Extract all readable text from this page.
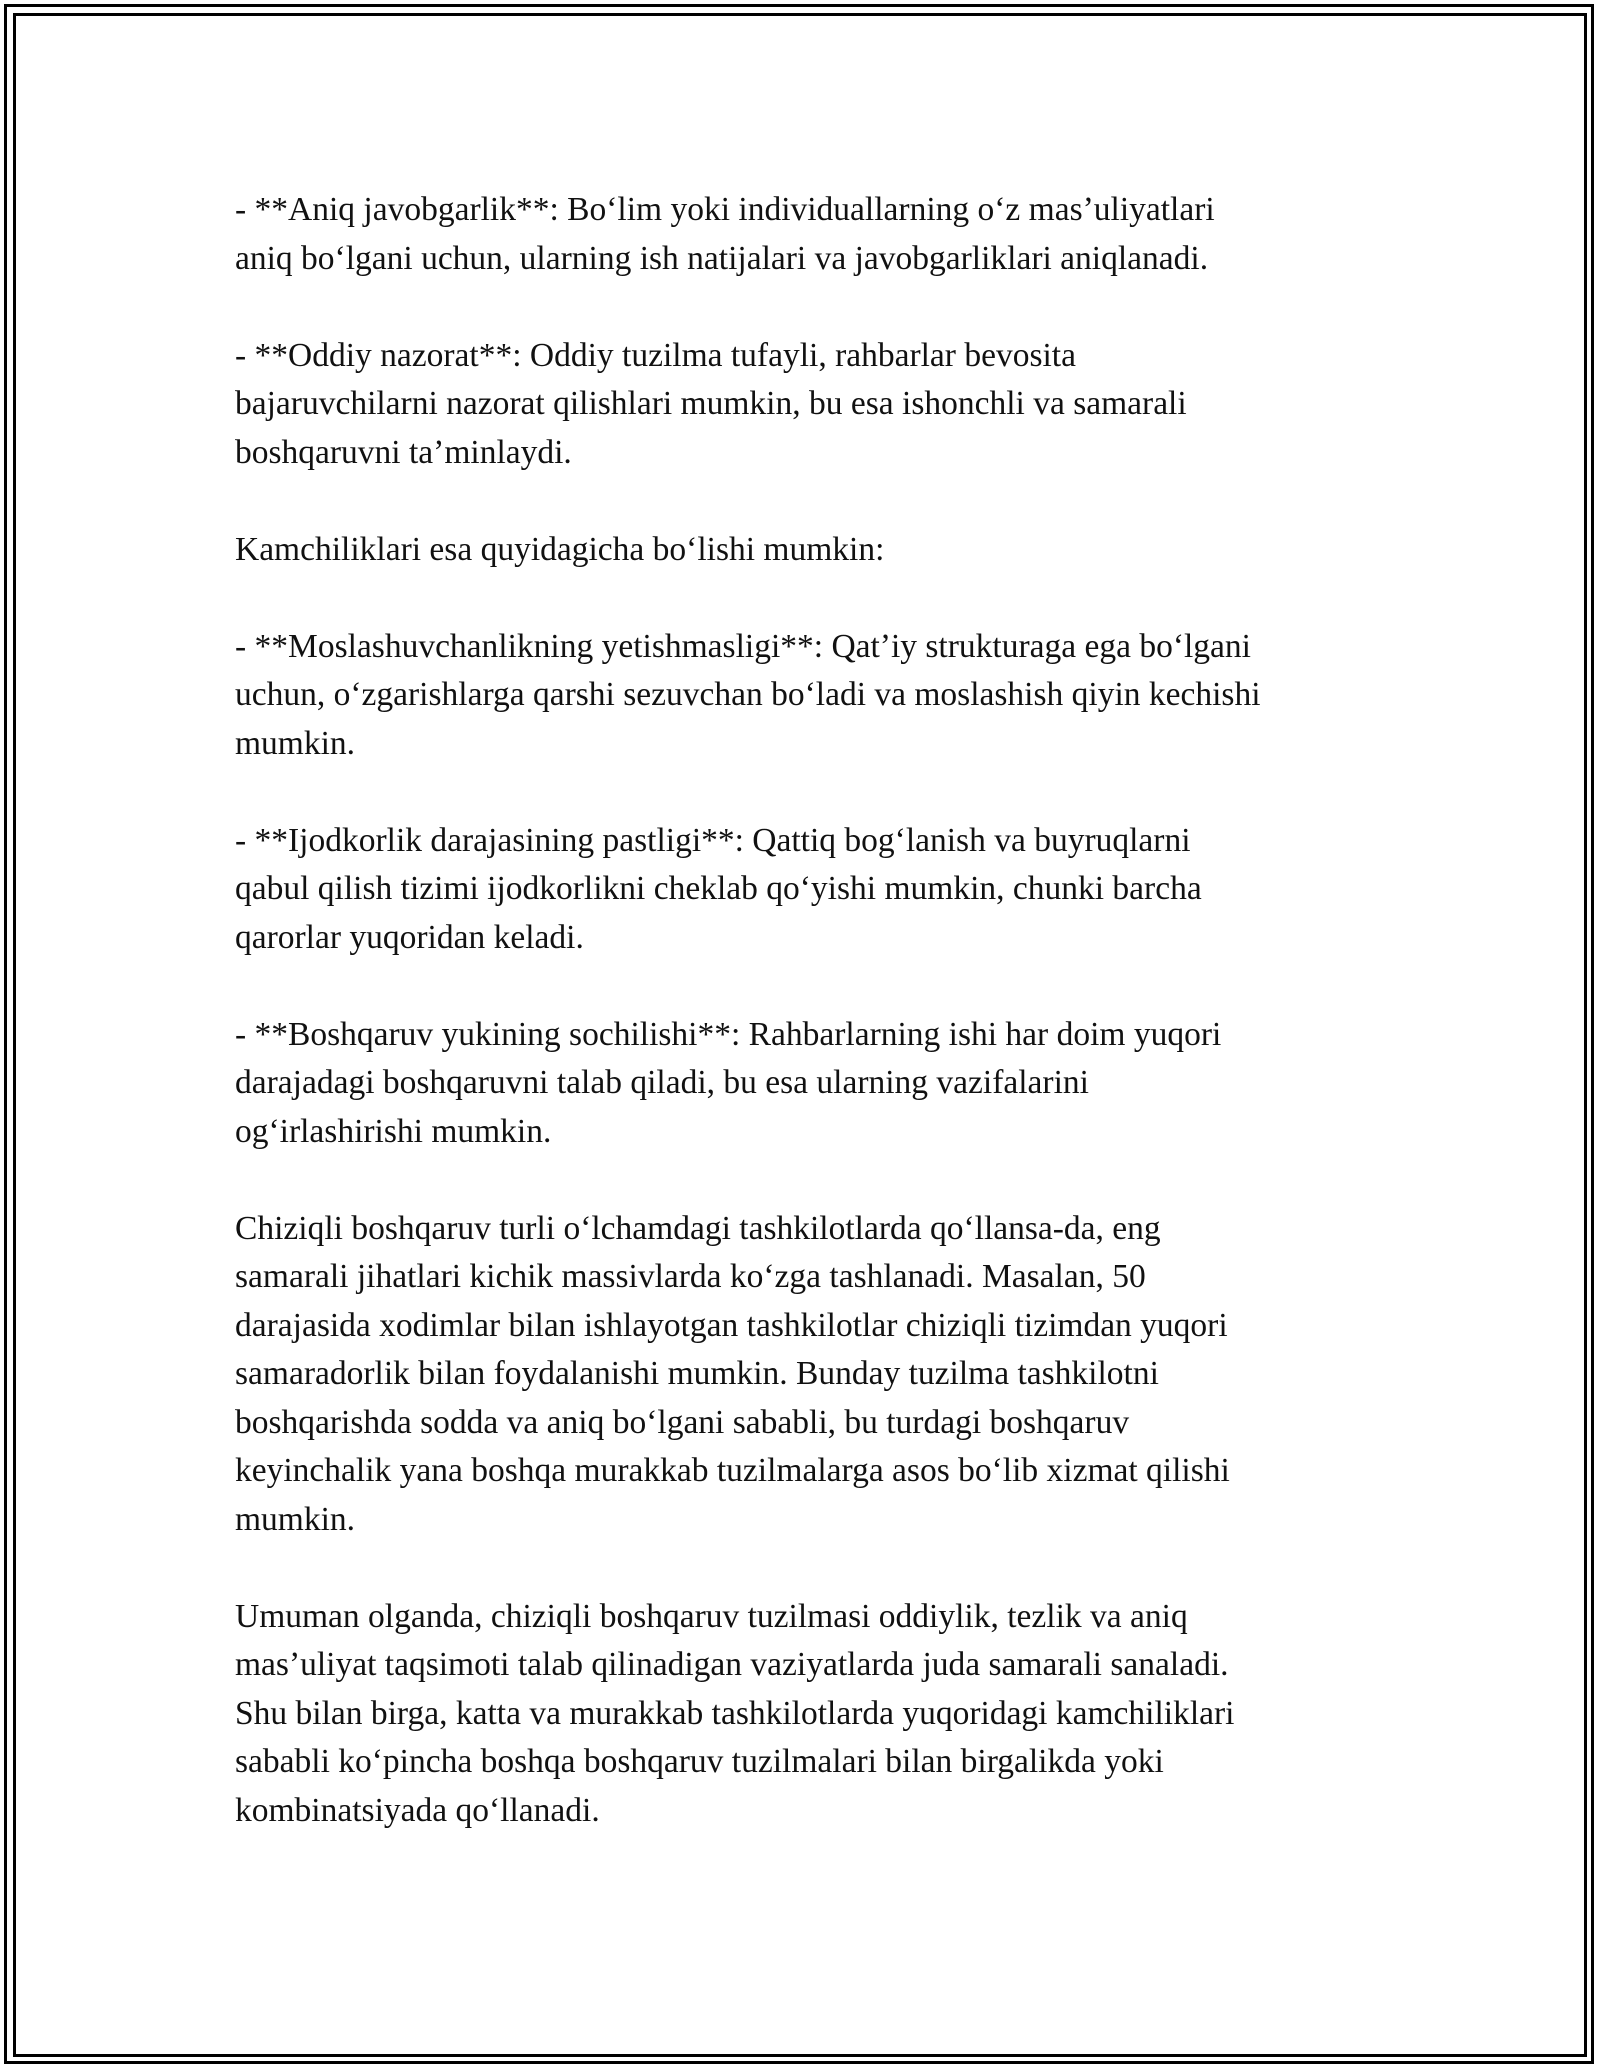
- **Aniq javobgarlik**: Boʻlim yoki individuallarning oʻz masʼuliyatlari
aniq boʻlgani uchun, ularning ish natijalari va javobgarliklari aniqlanadi.

- **Oddiy nazorat**: Oddiy tuzilma tufayli, rahbarlar bevosita
bajaruvchilarni nazorat qilishlari mumkin, bu esa ishonchli va samarali
boshqaruvni taʼminlaydi.

Kamchiliklari esa quyidagicha boʻlishi mumkin:

- **Moslashuvchanlikning yetishmasligi**: Qatʼiy strukturaga ega boʻlgani
uchun, oʻzgarishlarga qarshi sezuvchan boʻladi va moslashish qiyin kechishi
mumkin.

- **Ijodkorlik darajasining pastligi**: Qattiq bogʻlanish va buyruqlarni
qabul qilish tizimi ijodkorlikni cheklab qoʻyishi mumkin, chunki barcha
qarorlar yuqoridan keladi.

- **Boshqaruv yukining sochilishi**: Rahbarlarning ishi har doim yuqori
darajadagi boshqaruvni talab qiladi, bu esa ularning vazifalarini
ogʻirlashirishi mumkin.

Chiziqli boshqaruv turli oʻlchamdagi tashkilotlarda qoʻllansa-da, eng
samarali jihatlari kichik massivlarda koʻzga tashlanadi. Masalan, 50
darajasida xodimlar bilan ishlayotgan tashkilotlar chiziqli tizimdan yuqori
samaradorlik bilan foydalanishi mumkin. Bunday tuzilma tashkilotni
boshqarishda sodda va aniq boʻlgani sababli, bu turdagi boshqaruv
keyinchalik yana boshqa murakkab tuzilmalarga asos boʻlib xizmat qilishi
mumkin.

Umuman olganda, chiziqli boshqaruv tuzilmasi oddiylik, tezlik va aniq
masʼuliyat taqsimoti talab qilinadigan vaziyatlarda juda samarali sanaladi.
Shu bilan birga, katta va murakkab tashkilotlarda yuqoridagi kamchiliklari
sababli koʻpincha boshqa boshqaruv tuzilmalari bilan birgalikda yoki
kombinatsiyada qoʻllanadi.
